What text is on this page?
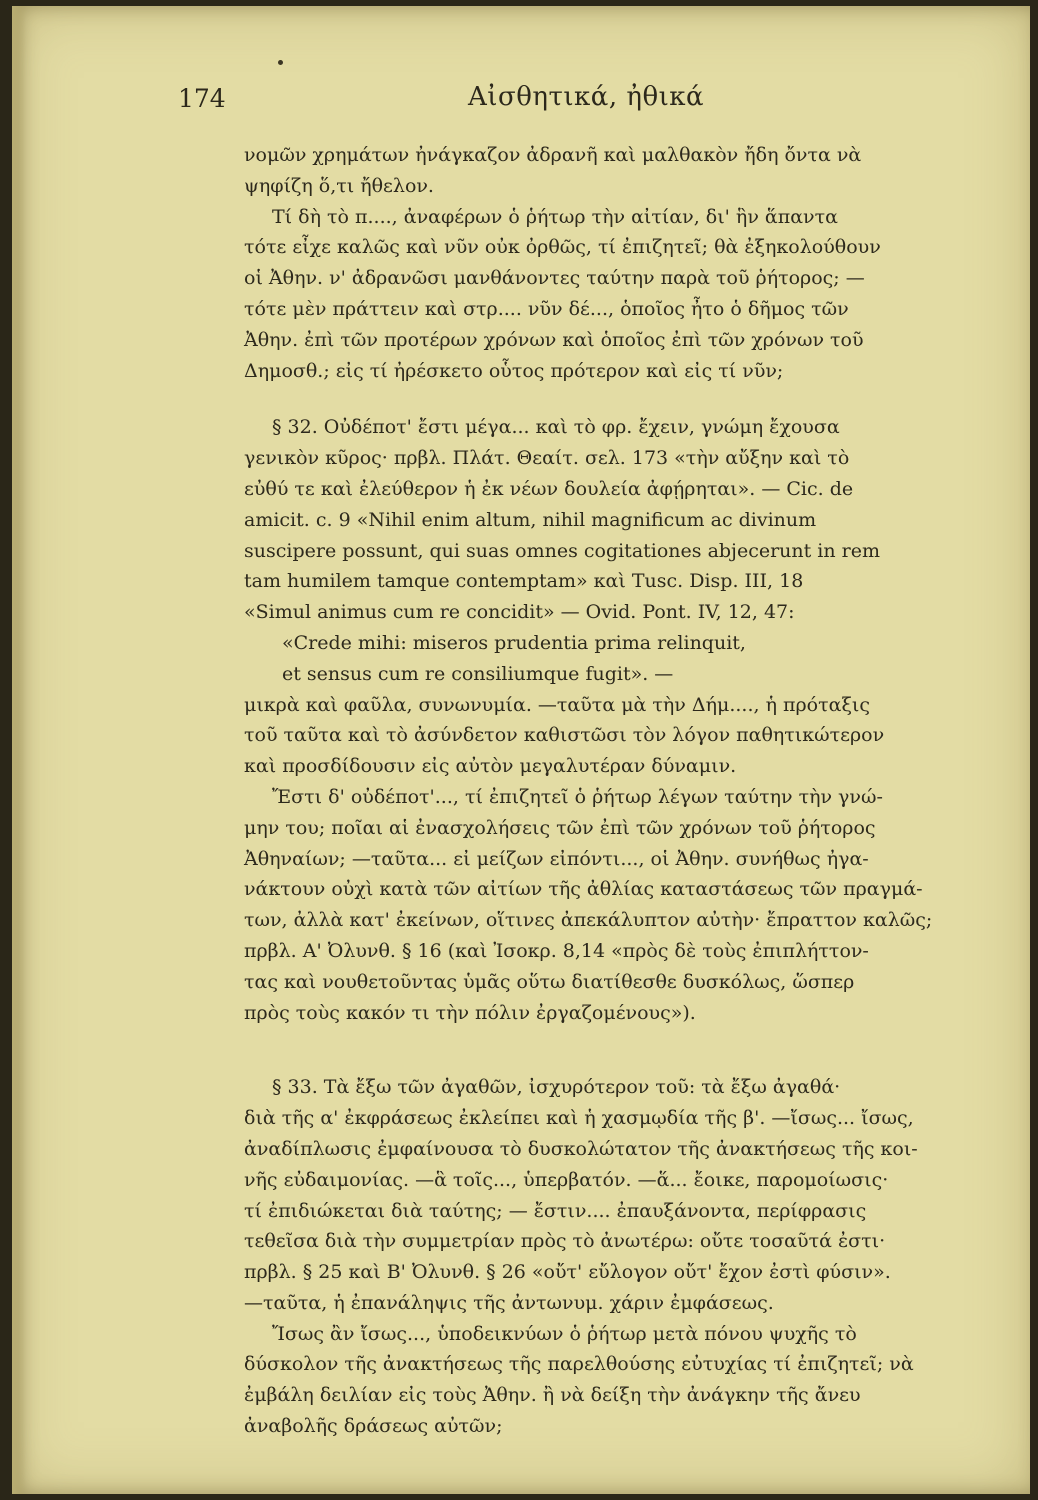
174	Αἰσθητικά, ἠθικά

νομῶν χρημάτων ἠνάγκαζον ἀδρανῆ καὶ μαλθακὸν ἤδη ὄντα νὰ
ψηφίζη ὅ,τι ἤθελον.

Τί δὴ τὸ π...., ἀναφέρων ὁ ῥήτωρ τὴν αἰτίαν, δι' ἣν ἅπαντα
τότε εἶχε καλῶς καὶ νῦν οὐκ ὀρθῶς, τί ἐπιζητεῖ; θὰ ἐξηκολούθουν
οἱ Ἀθην. ν' ἀδρανῶσι μανθάνοντες ταύτην παρὰ τοῦ ῥήτορος; —
τότε μὲν πράττειν καὶ στρ.... νῦν δέ..., ὁποῖος ἦτο ὁ δῆμος τῶν
Ἀθην. ἐπὶ τῶν προτέρων χρόνων καὶ ὁποῖος ἐπὶ τῶν χρόνων τοῦ
Δημοσθ.; εἰς τί ἠρέσκετο οὗτος πρότερον καὶ εἰς τί νῦν;

§ 32. Οὐδέποτ' ἔστι μέγα... καὶ τὸ φρ. ἔχειν, γνώμη ἔχουσα
γενικὸν κῦρος· πρβλ. Πλάτ. Θεαίτ. σελ. 173 «τὴν αὔξην καὶ τὸ
εὐθύ τε καὶ ἐλεύθερον ἡ ἐκ νέων δουλεία ἀφῄρηται». — Cic. de
amicit. c. 9 «Nihil enim altum, nihil magnificum ac divinum
suscipere possunt, qui suas omnes cogitationes abjecerunt in rem
tam humilem tamque contemptam» καὶ Tusc. Disp. III, 18
«Simul animus cum re concidit» — Ovid. Pont. IV, 12, 47:

«Crede mihi: miseros prudentia prima relinquit,
et sensus cum re consiliumque fugit». —

μικρὰ καὶ φαῦλα, συνωνυμία. —ταῦτα μὰ τὴν Δήμ...., ἡ πρόταξις
τοῦ ταῦτα καὶ τὸ ἀσύνδετον καθιστῶσι τὸν λόγον παθητικώτερον
καὶ προσδίδουσιν εἰς αὐτὸν μεγαλυτέραν δύναμιν.

Ἔστι δ' οὐδέποτ'..., τί ἐπιζητεῖ ὁ ῥήτωρ λέγων ταύτην τὴν γνώ-
μην του; ποῖαι αἱ ἐνασχολήσεις τῶν ἐπὶ τῶν χρόνων τοῦ ῥήτορος
Ἀθηναίων; —ταῦτα... εἰ μείζων εἰπόντι..., οἱ Ἀθην. συνήθως ἠγα-
νάκτουν οὐχὶ κατὰ τῶν αἰτίων τῆς ἀθλίας καταστάσεως τῶν πραγμά-
των, ἀλλὰ κατ' ἐκείνων, οἵτινες ἀπεκάλυπτον αὐτὴν· ἔπραττον καλῶς;
πρβλ. Α' Ὀλυνθ. § 16 (καὶ Ἰσοκρ. 8,14 «πρὸς δὲ τοὺς ἐπιπλήττον-
τας καὶ νουθετοῦντας ὑμᾶς οὕτω διατίθεσθε δυσκόλως, ὥσπερ
πρὸς τοὺς κακόν τι τὴν πόλιν ἐργαζομένους»).

§ 33. Τὰ ἔξω τῶν ἀγαθῶν, ἰσχυρότερον τοῦ: τὰ ἔξω ἀγαθά·
διὰ τῆς α' ἐκφράσεως ἐκλείπει καὶ ἡ χασμῳδία τῆς β'. —ἴσως... ἴσως,
ἀναδίπλωσις ἐμφαίνουσα τὸ δυσκολώτατον τῆς ἀνακτήσεως τῆς κοι-
νῆς εὐδαιμονίας. —ἃ τοῖς..., ὑπερβατόν. —ἅ... ἔοικε, παρομοίωσις·
τί ἐπιδιώκεται διὰ ταύτης; — ἔστιν.... ἐπαυξάνοντα, περίφρασις
τεθεῖσα διὰ τὴν συμμετρίαν πρὸς τὸ ἀνωτέρω: οὔτε τοσαῦτά ἐστι·
πρβλ. § 25 καὶ Β' Ὀλυνθ. § 26 «οὔτ' εὔλογον οὔτ' ἔχον ἐστὶ φύσιν».
—ταῦτα, ἡ ἐπανάληψις τῆς ἀντωνυμ. χάριν ἐμφάσεως.

Ἴσως ἂν ἴσως..., ὑποδεικνύων ὁ ῥήτωρ μετὰ πόνου ψυχῆς τὸ
δύσκολον τῆς ἀνακτήσεως τῆς παρελθούσης εὐτυχίας τί ἐπιζητεῖ; νὰ
ἐμβάλη δειλίαν εἰς τοὺς Ἀθην. ἢ νὰ δείξη τὴν ἀνάγκην τῆς ἄνευ
ἀναβολῆς δράσεως αὐτῶν;
